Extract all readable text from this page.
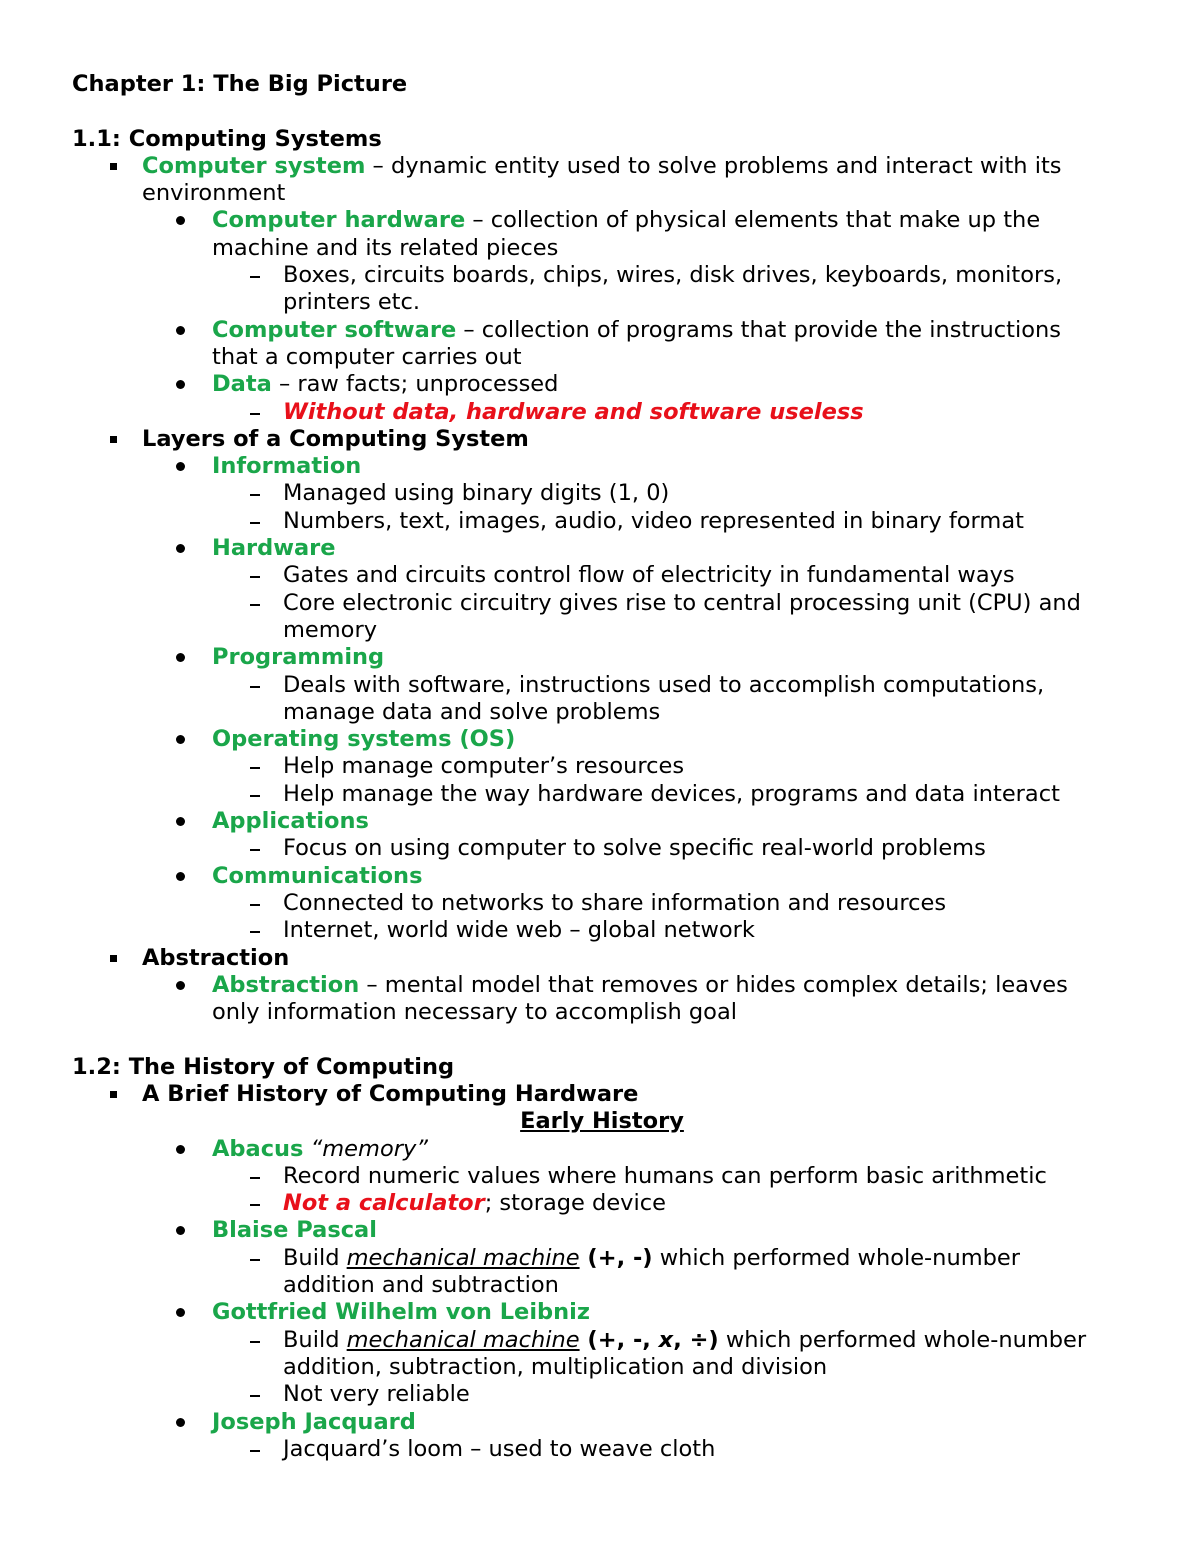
Chapter 1: The Big Picture
1.1: Computing Systems
Computer system – dynamic entity used to solve problems and interact with its
environment
Computer hardware – collection of physical elements that make up the
machine and its related pieces
Boxes, circuits boards, chips, wires, disk drives, keyboards, monitors,
printers etc.
Computer software – collection of programs that provide the instructions
that a computer carries out
Data – raw facts; unprocessed
Without data, hardware and software useless
Layers of a Computing System
Information
Managed using binary digits (1, 0)
Numbers, text, images, audio, video represented in binary format
Hardware
Gates and circuits control flow of electricity in fundamental ways
Core electronic circuitry gives rise to central processing unit (CPU) and
memory
Programming
Deals with software, instructions used to accomplish computations,
manage data and solve problems
Operating systems (OS)
Help manage computer’s resources
Help manage the way hardware devices, programs and data interact
Applications
Focus on using computer to solve specific real-world problems
Communications
Connected to networks to share information and resources
Internet, world wide web – global network
Abstraction
Abstraction – mental model that removes or hides complex details; leaves
only information necessary to accomplish goal
1.2: The History of Computing
A Brief History of Computing Hardware
Early History
Abacus “memory”
Record numeric values where humans can perform basic arithmetic
Not a calculator; storage device
Blaise Pascal
Build mechanical machine (+, -) which performed whole-number
addition and subtraction
Gottfried Wilhelm von Leibniz
Build mechanical machine (+, -, x, ÷) which performed whole-number
addition, subtraction, multiplication and division
Not very reliable
Joseph Jacquard
Jacquard’s loom – used to weave cloth
